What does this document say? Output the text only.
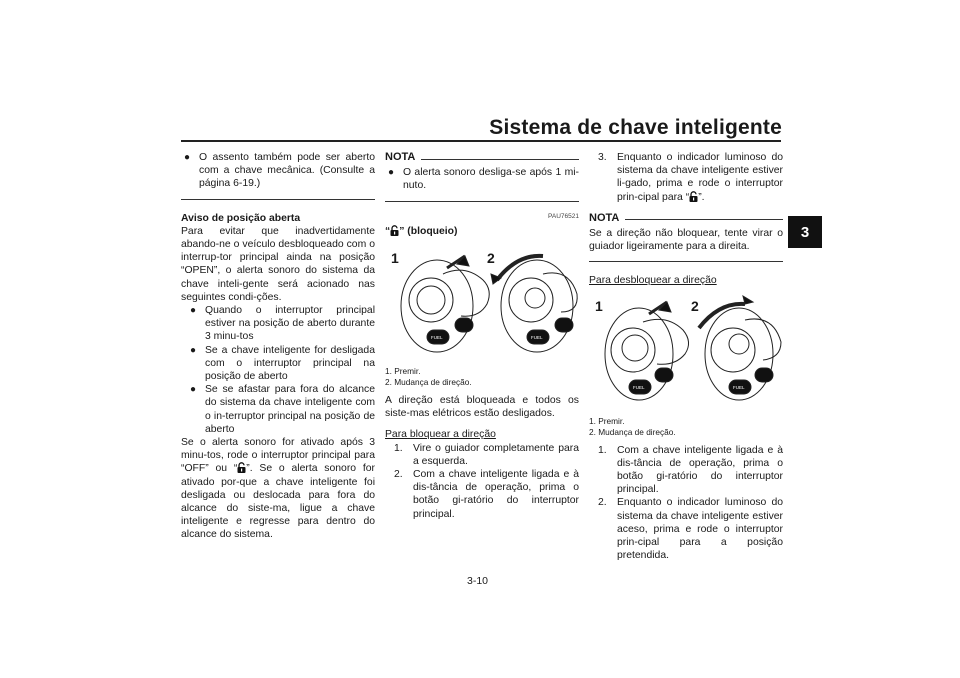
Sistema de chave inteligente
3

● O assento também pode ser aberto com a chave mecânica. (Consulte a página 6-19.)

Aviso de posição aberta

Para evitar que inadvertidamente abando-ne o veículo desbloqueado com o interrup-tor principal ainda na posição “OPEN”, o alerta sonoro do sistema da chave inteli-gente será acionado nas seguintes condi-ções.

● Quando o interruptor principal estiver na posição de aberto durante 3 minu-tos

● Se a chave inteligente for desligada com o interruptor principal na posição de aberto

● Se se afastar para fora do alcance do sistema da chave inteligente com o in-terruptor principal na posição de aberto

Se o alerta sonoro for ativado após 3 minu-tos, rode o interruptor principal para “OFF” ou “ ”. Se o alerta sonoro for ativado por-que a chave inteligente foi desligada ou deslocada para fora do alcance do siste-ma, ligue a chave inteligente e regresse para dentro do alcance do sistema.

NOTA

● O alerta sonoro desliga-se após 1 mi-nuto.

PAU76521

“ ” (bloqueio)

1	2
FUEL	FUEL

1. Premir.

2. Mudança de direção.

A direção está bloqueada e todos os siste-mas elétricos estão desligados.

Para bloquear a direção

1. Vire o guiador completamente para a esquerda.

2. Com a chave inteligente ligada e à dis-tância de operação, prima o botão gi-ratório do interruptor principal.

3. Enquanto o indicador luminoso do sistema da chave inteligente estiver li-gado, prima e rode o interruptor prin-cipal para “ ”.

NOTA

Se a direção não bloquear, tente virar o guiador ligeiramente para a direita.

Para desbloquear a direção

1	2
FUEL	FUEL

1. Premir.

2. Mudança de direção.

1. Com a chave inteligente ligada e à dis-tância de operação, prima o botão gi-ratório do interruptor principal.

2. Enquanto o indicador luminoso do sistema da chave inteligente estiver aceso, prima e rode o interruptor prin-cipal para a posição pretendida.

3-10
